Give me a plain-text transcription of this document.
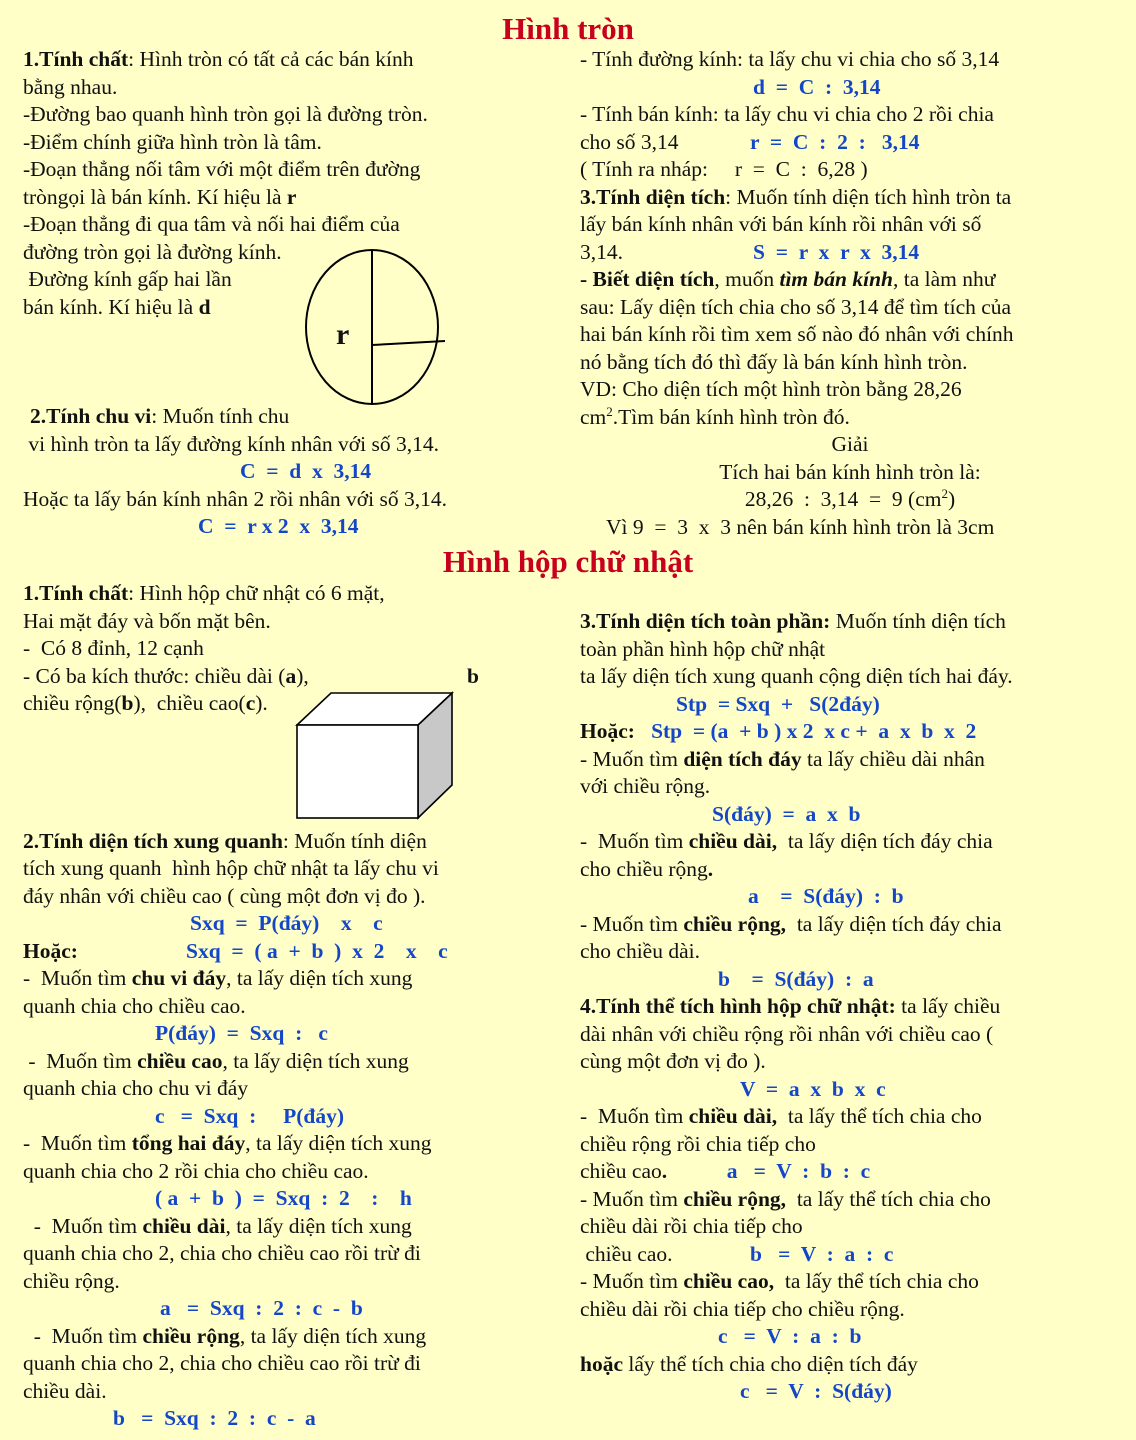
Hình tròn
1.Tính chất: Hình tròn có tất cả các bán kính
bằng nhau.
-Đường bao quanh hình tròn gọi là đường tròn.
-Điểm chính giữa hình tròn là tâm.
-Đoạn thẳng nối tâm với một điểm trên đường
tròngọi là bán kính. Kí hiệu là r
-Đoạn thẳng đi qua tâm và nối hai điểm của
đường tròn gọi là đường kính.
Đường kính gấp hai lần
bán kính. Kí hiệu là d
2.Tính chu vi: Muốn tính chu
vi hình tròn ta lấy đường kính nhân với số 3,14.
C  =  d  x  3,14
Hoặc ta lấy bán kính nhân 2 rồi nhân với số 3,14.
C  =  r x 2  x  3,14
r
- Tính đường kính: ta lấy chu vi chia cho số 3,14
d  =  C  :  3,14
- Tính bán kính: ta lấy chu vi chia cho 2 rồi chia
cho số 3,14	r  =  C  :  2  :   3,14
( Tính ra nháp:     r  =  C  :  6,28 )
3.Tính diện tích: Muốn tính diện tích hình tròn ta
lấy bán kính nhân với bán kính rồi nhân với số
3,14.	S  =  r  x  r  x  3,14
- Biết diện tích, muốn tìm bán kính, ta làm như
sau: Lấy diện tích chia cho số 3,14 để tìm tích của
hai bán kính rồi tìm xem số nào đó nhân với chính
nó bằng tích đó thì đấy là bán kính hình tròn.
VD: Cho diện tích một hình tròn bằng 28,26
$cm^2.Tìm$ bán kính hình tròn đó.
Giải
Tích hai bán kính hình tròn là:
28,26  :  3,14  =  9 $(cm^2)$
Vì 9  =  3  x  3 nên bán kính hình tròn là 3cm
Hình hộp chữ nhật
1.Tính chất: Hình hộp chữ nhật có 6 mặt,
Hai mặt đáy và bốn mặt bên.
-  Có 8 đỉnh, 12 cạnh
- Có ba kích thước: chiều dài (a),
chiều rộng(b),  chiều cao(c).
2.Tính diện tích xung quanh: Muốn tính diện
tích xung quanh  hình hộp chữ nhật ta lấy chu vi
đáy nhân với chiều cao ( cùng một đơn vị đo ).
Sxq  =  P(đáy)    x    c
Hoặc:	Sxq  =  ( a  +  b  )  x  2    x    c
-  Muốn tìm chu vi đáy, ta lấy diện tích xung
quanh chia cho chiều cao.
P(đáy)  =  Sxq  :   c
-  Muốn tìm chiều cao, ta lấy diện tích xung
quanh chia cho chu vi đáy
c   =  Sxq  :     P(đáy)
-  Muốn tìm tổng hai đáy, ta lấy diện tích xung
quanh chia cho 2 rồi chia cho chiều cao.
( a  +  b  )  =  Sxq  :  2    :    h
-  Muốn tìm chiều dài, ta lấy diện tích xung
quanh chia cho 2, chia cho chiều cao rồi trừ đi
chiều rộng.
a   =  Sxq  :  2  :  c  -  b
-  Muốn tìm chiều rộng, ta lấy diện tích xung
quanh chia cho 2, chia cho chiều cao rồi trừ đi
chiều dài.
b   =  Sxq  :  2  :  c  -  a
b
3.Tính diện tích toàn phần: Muốn tính diện tích
toàn phần hình hộp chữ nhật
ta lấy diện tích xung quanh cộng diện tích hai đáy.
Stp  = Sxq  +   S(2đáy)
Hoặc:   Stp  = (a  + b ) x 2  x c +  a  x  b  x  2
- Muốn tìm diện tích đáy ta lấy chiều dài nhân
với chiều rộng.
S(đáy)  =  a  x  b
-  Muốn tìm chiều dài,  ta lấy diện tích đáy chia
cho chiều rộng.
a    =  S(đáy)  :  b
- Muốn tìm chiều rộng,  ta lấy diện tích đáy chia
cho chiều dài.
b    =  S(đáy)  :  a
4.Tính thể tích hình hộp chữ nhật: ta lấy chiều
dài nhân với chiều rộng rồi nhân với chiều cao (
cùng một đơn vị đo ).
V  =  a  x  b  x  c
-  Muốn tìm chiều dài,  ta lấy thể tích chia cho
chiều rộng rồi chia tiếp cho
chiều cao.	a   =  V  :  b  :  c
- Muốn tìm chiều rộng,  ta lấy thể tích chia cho
chiều dài rồi chia tiếp cho
chiều cao.	b   =  V  :  a  :  c
- Muốn tìm chiều cao,  ta lấy thể tích chia cho
chiều dài rồi chia tiếp cho chiều rộng.
c   =  V  :  a  :  b
hoặc lấy thể tích chia cho diện tích đáy
c   =  V  :  S(đáy)
